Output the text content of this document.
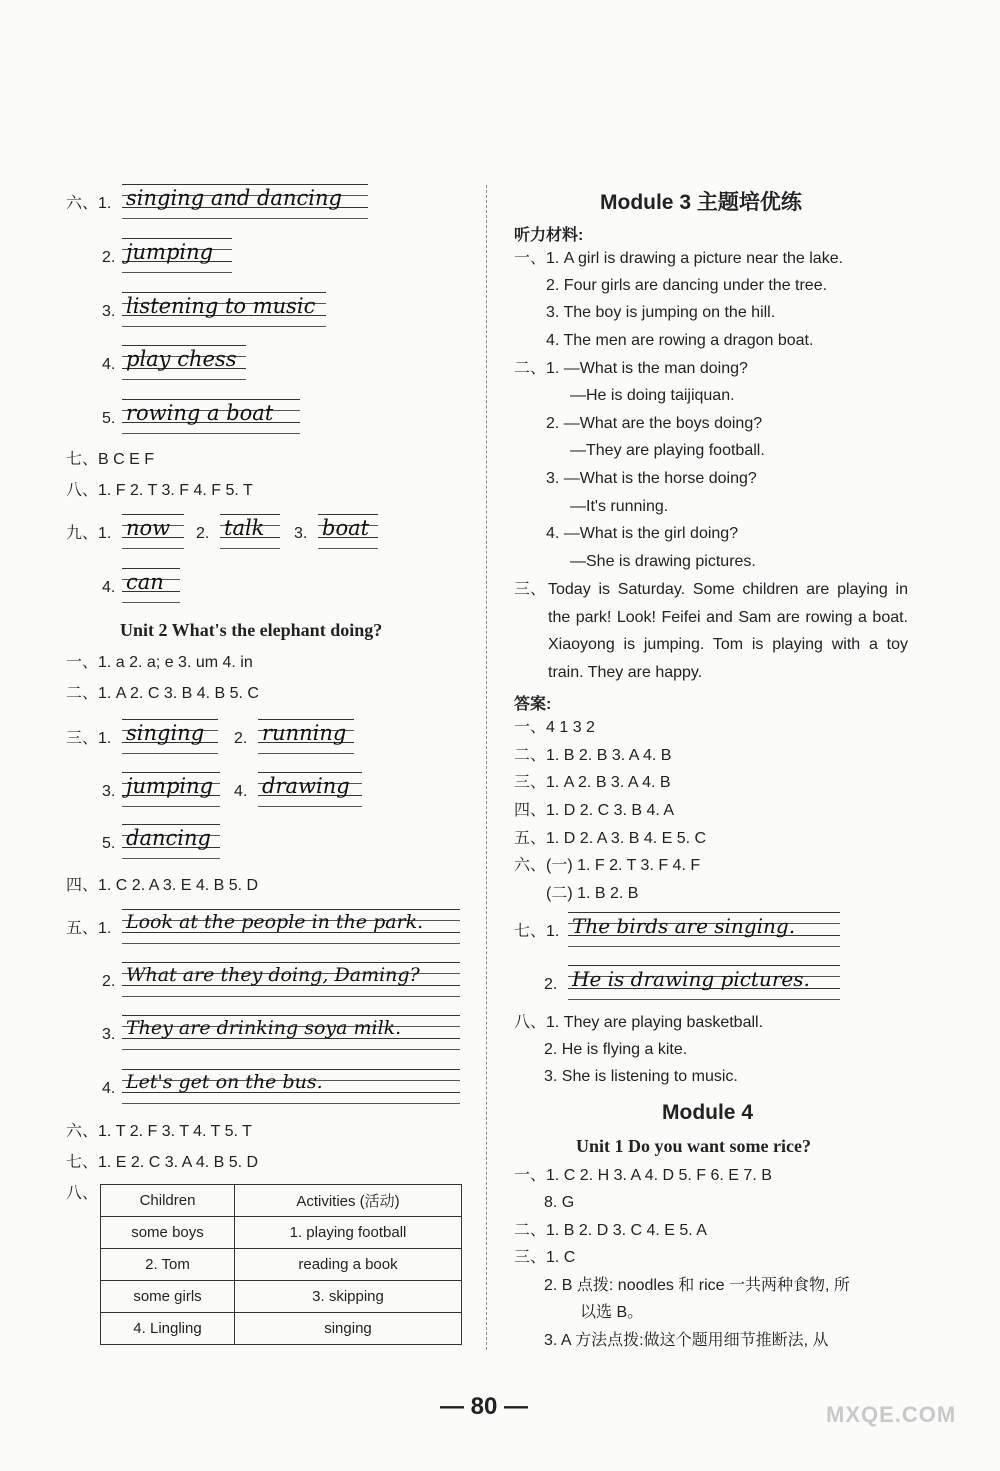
六、1. singing and dancing
2. jumping
3. listening to music
4. play chess
5. rowing a boat
七、B C E F
八、1. F 2. T 3. F 4. F 5. T
九、1. now 2. talk 3. boat
4. can
Unit 2 What's the elephant doing?
一、1. a 2. a; e 3. um 4. in
二、1. A 2. C 3. B 4. B 5. C
三、1. singing 2. running
3. jumping 4. drawing
5. dancing
四、1. C 2. A 3. E 4. B 5. D
五、1. Look at the people in the park.
2. What are they doing, Daming?
3. They are drinking soya milk.
4. Let's get on the bus.
六、1. T 2. F 3. T 4. T 5. T
七、1. E 2. C 3. A 4. B 5. D
八、	Children	Activities (活动)
some boys	1. playing football
2. Tom	reading a book
some girls	3. skipping
4. Lingling	singing
Module 3 主题培优练
听力材料:
一、1. A girl is drawing a picture near the lake.
2. Four girls are dancing under the tree.
3. The boy is jumping on the hill.
4. The men are rowing a dragon boat.
二、1. —What is the man doing?
—He is doing taijiquan.
2. —What are the boys doing?
—They are playing football.
3. —What is the horse doing?
—It's running.
4. —What is the girl doing?
—She is drawing pictures.
三、 Today is Saturday. Some children are playing in the park! Look! Feifei and Sam are rowing a boat. Xiaoyong is jumping. Tom is playing with a toy train. They are happy.
答案:
一、4 1 3 2
二、1. B 2. B 3. A 4. B
三、1. A 2. B 3. A 4. B
四、1. D 2. C 3. B 4. A
五、1. D 2. A 3. B 4. E 5. C
六、(一) 1. F 2. T 3. F 4. F
(二) 1. B 2. B
七、1. The birds are singing.
2. He is drawing pictures.
八、1. They are playing basketball.
2. He is flying a kite.
3. She is listening to music.
Module 4
Unit 1 Do you want some rice?
一、1. C 2. H 3. A 4. D 5. F 6. E 7. B
8. G
二、1. B 2. D 3. C 4. E 5. A
三、1. C
2. B 点拨: noodles 和 rice 一共两种食物, 所
以选 B。
3. A 方法点拨:做这个题用细节推断法, 从
— 80 —	MXQE.COM
